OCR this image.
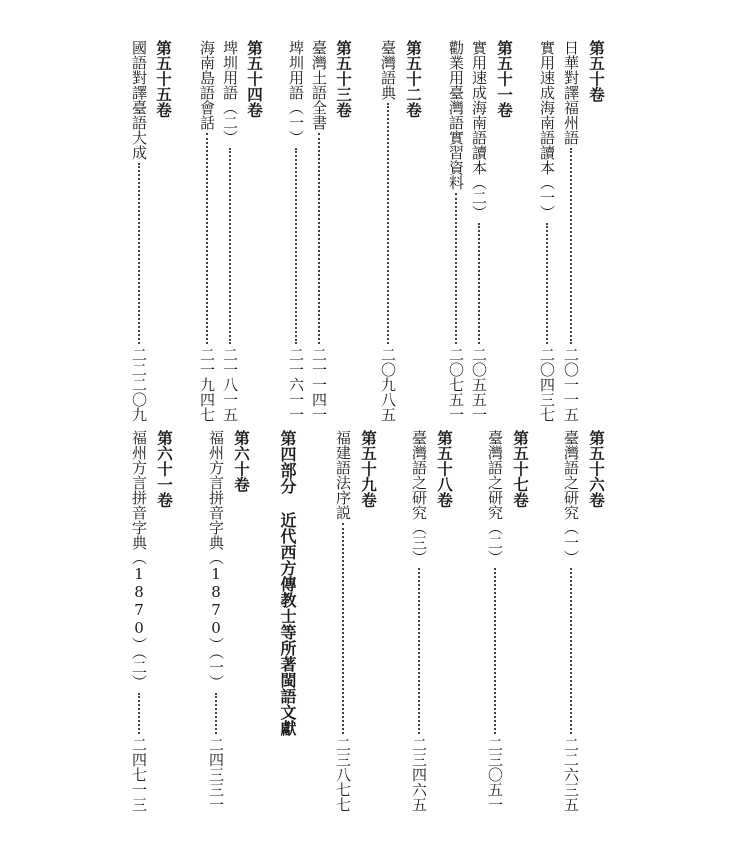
第五十卷
日華對譯福州語
二〇一一五
實用速成海南語讀本（一）
二〇四三七
第五十一卷
實用速成海南語讀本（二）
二〇五五一
勸業用臺灣語實習資料
二〇七五一
第五十二卷
臺灣語典
二〇九八五
第五十三卷
臺灣土語全書
二一一四一
埤圳用語（一）
二一六一一
第五十四卷
埤圳用語（二）
二一八一五
海南島語會話
二一九四七
第五十五卷
國語對譯臺語大成
二二二〇九
第五十六卷
臺灣語之研究（一）
二二六三五
第五十七卷
臺灣語之研究（二）
二三〇五一
第五十八卷
臺灣語之研究（三）
二三四六五
第五十九卷
福建語法序説
二三八七七
第四部分近代西方傳教士等所著閩語文獻
第六十卷
福州方言拼音字典（1870）（一）
二四三三一
第六十一卷
福州方言拼音字典（1870）（二）
二四七一三
